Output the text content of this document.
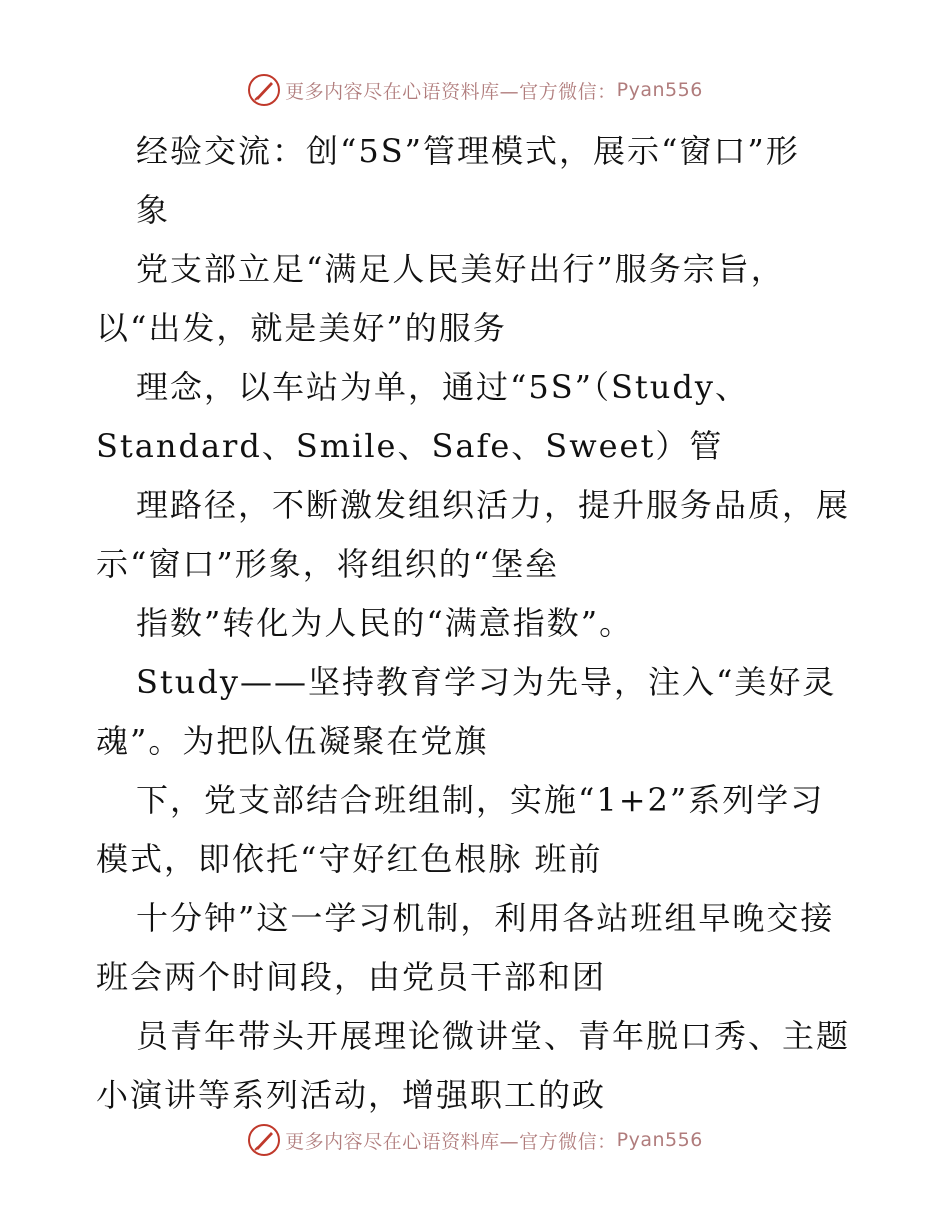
更多内容尽在心语资料库—官方微信： Pyan556
经验交流：创“5S”管理模式，展示“窗口”形
象
党支部立足“满足人民美好出行”服务宗旨，
以“出发，就是美好”的服务
理念，以车站为单，通过“5S”（Study、
Standard、Smile、Safe、Sweet）管
理路径，不断激发组织活力，提升服务品质，展
示“窗口”形象，将组织的“堡垒
指数”转化为人民的“满意指数”。
Study——坚持教育学习为先导，注入“美好灵
魂”。为把队伍凝聚在党旗
下，党支部结合班组制，实施“1+2”系列学习
模式，即依托“守好红色根脉 班前
十分钟”这一学习机制，利用各站班组早晚交接
班会两个时间段，由党员干部和团
员青年带头开展理论微讲堂、青年脱口秀、主题
小演讲等系列活动，增强职工的政
更多内容尽在心语资料库—官方微信： Pyan556
